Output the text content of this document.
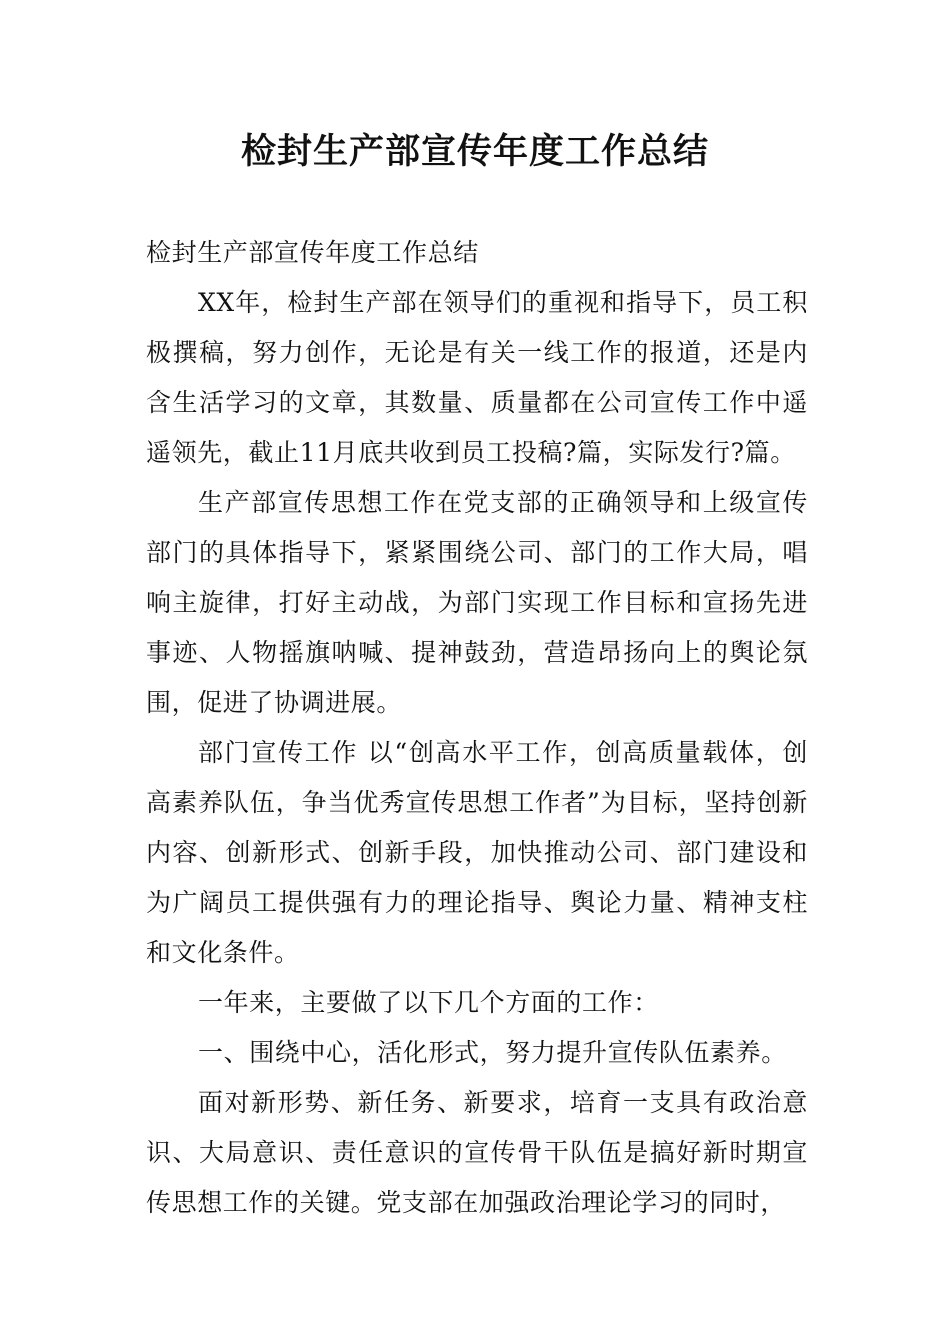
检封生产部宣传年度工作总结

检封生产部宣传年度工作总结

XX年，检封生产部在领导们的重视和指导下，员工积极撰稿，努力创作，无论是有关一线工作的报道，还是内含生活学习的文章，其数量、质量都在公司宣传工作中遥遥领先，截止11月底共收到员工投稿?篇，实际发行?篇。

生产部宣传思想工作在党支部的正确领导和上级宣传部门的具体指导下，紧紧围绕公司、部门的工作大局，唱响主旋律，打好主动战，为部门实现工作目标和宣扬先进事迹、人物摇旗呐喊、提神鼓劲，营造昂扬向上的舆论氛围，促进了协调进展。

部门宣传工作 以“创高水平工作，创高质量载体，创高素养队伍，争当优秀宣传思想工作者”为目标，坚持创新内容、创新形式、创新手段，加快推动公司、部门建设和为广阔员工提供强有力的理论指导、舆论力量、精神支柱和文化条件。

一年来，主要做了以下几个方面的工作：

一、围绕中心，活化形式，努力提升宣传队伍素养。

面对新形势、新任务、新要求，培育一支具有政治意识、大局意识、责任意识的宣传骨干队伍是搞好新时期宣传思想工作的关键。党支部在加强政治理论学习的同时，
